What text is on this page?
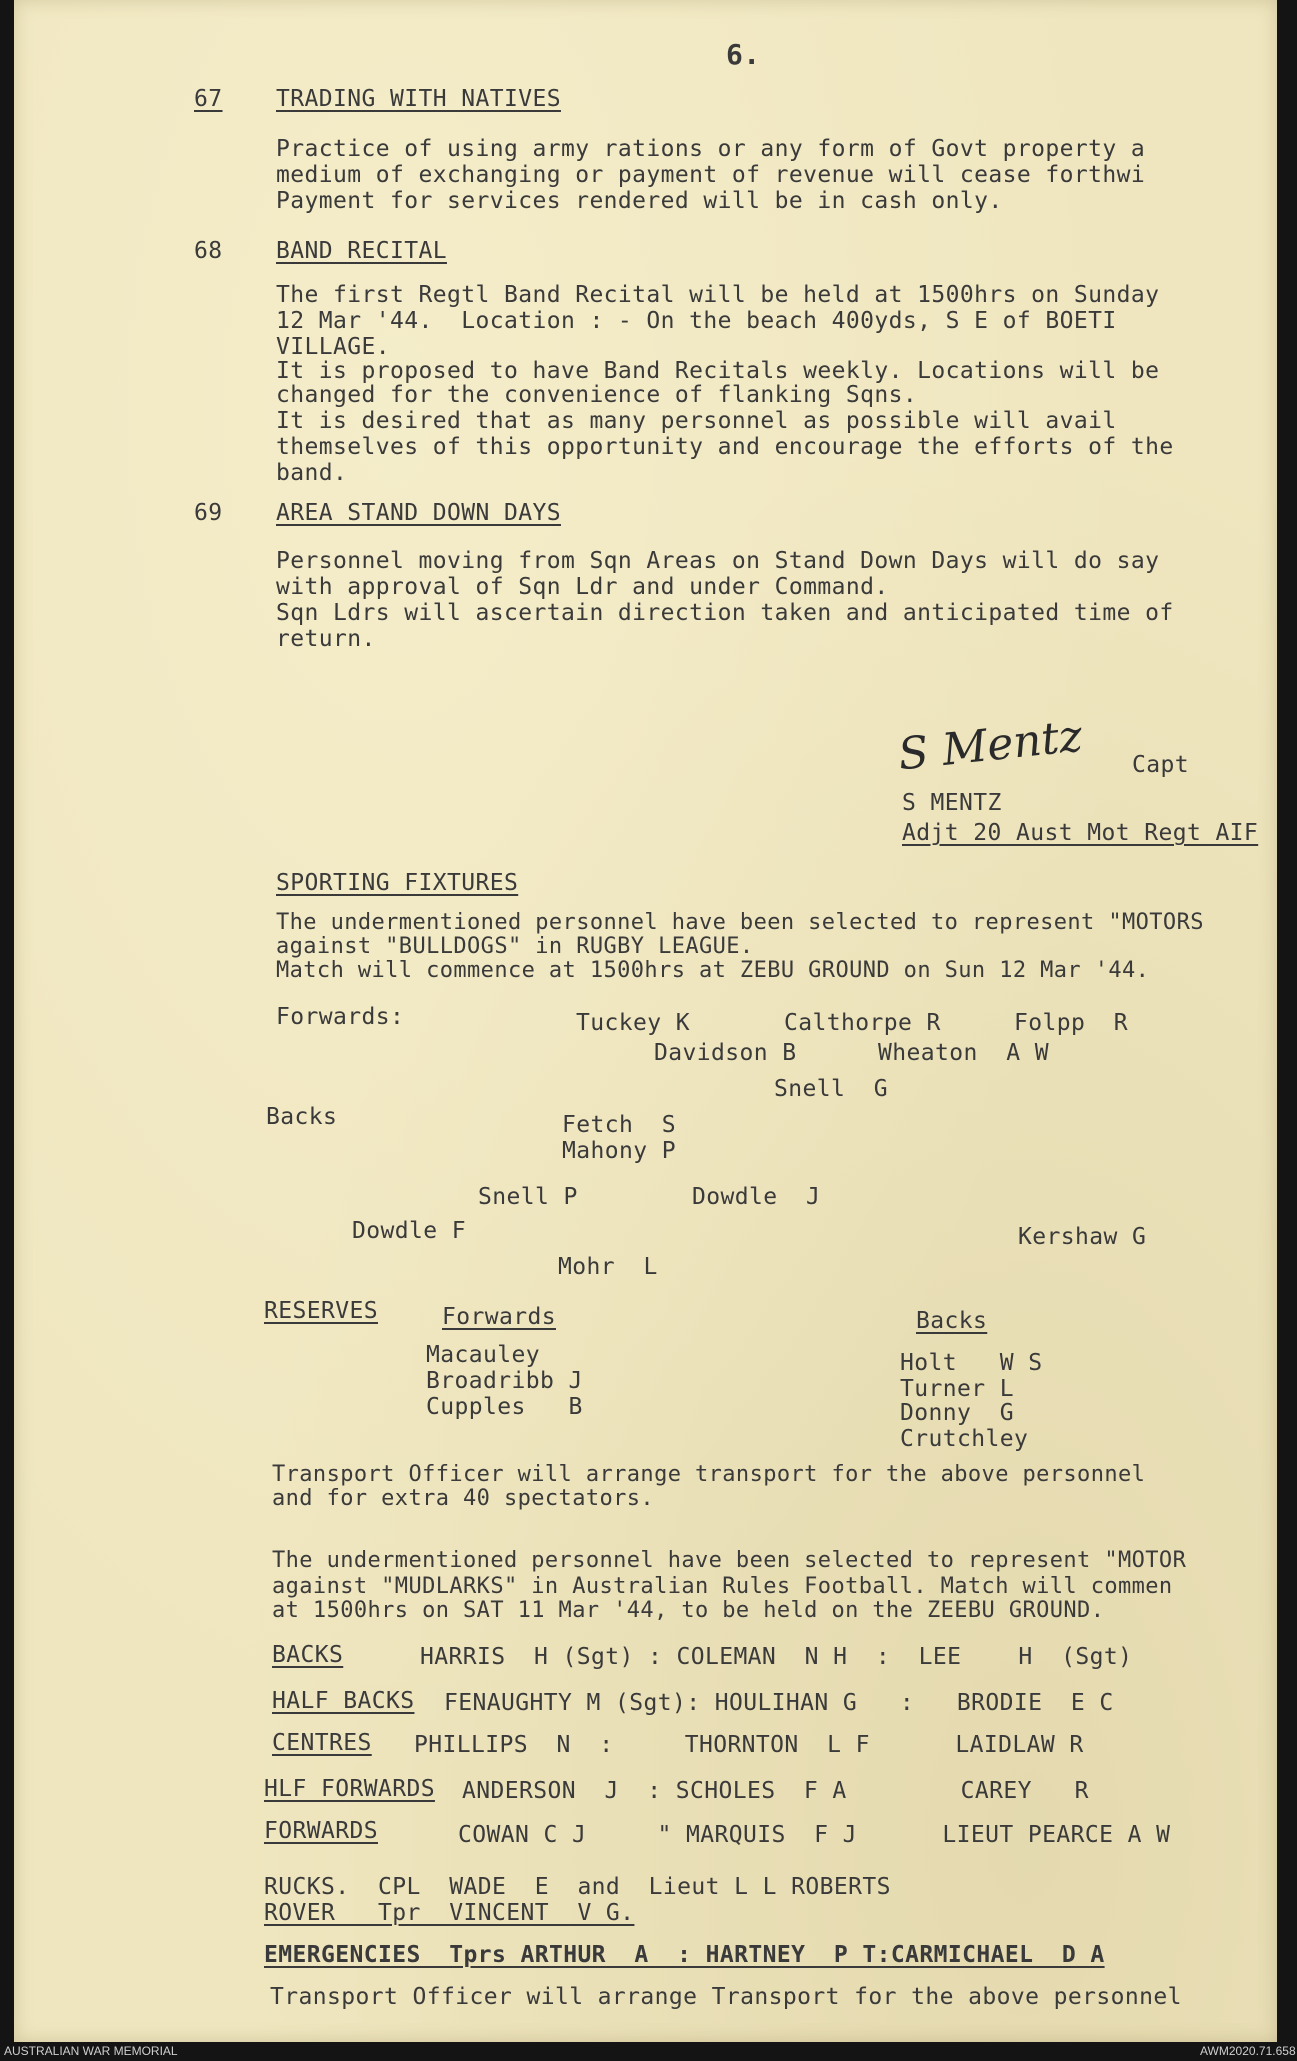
6.
67 TRADING WITH NATIVES
Practice of using army rations or any form of Govt property a
medium of exchanging or payment of revenue will cease forthwi
Payment for services rendered will be in cash only.
68 BAND RECITAL
The first Regtl Band Recital will be held at 1500hrs on Sunday
12 Mar '44.  Location : - On the beach 400yds, S E of BOETI
VILLAGE.
It is proposed to have Band Recitals weekly. Locations will be
changed for the convenience of flanking Sqns.
It is desired that as many personnel as possible will avail
themselves of this opportunity and encourage the efforts of the
band.
69 AREA STAND DOWN DAYS
Personnel moving from Sqn Areas on Stand Down Days will do say
with approval of Sqn Ldr and under Command.
Sqn Ldrs will ascertain direction taken and anticipated time of
return.
S Mentz Capt
S MENTZ
Adjt 20 Aust Mot Regt AIF
SPORTING FIXTURES
The undermentioned personnel have been selected to represent "MOTORS
against "BULLDOGS" in RUGBY LEAGUE.
Match will commence at 1500hrs at ZEBU GROUND on Sun 12 Mar '44.
Forwards:	Tuckey K	Calthorpe R	Folpp  R
Davidson B	Wheaton  A W
Snell  G
Backs	Fetch  S
Mahony P
Snell P	Dowdle  J
Dowdle F	Kershaw G
Mohr  L
RESERVES	Forwards
Macauley
Broadribb J
Cupples   B
Backs
Holt   W S
Turner L
Donny  G
Crutchley
Transport Officer will arrange transport for the above personnel
and for extra 40 spectators.
The undermentioned personnel have been selected to represent "MOTOR
against "MUDLARKS" in Australian Rules Football. Match will commen
at 1500hrs on SAT 11 Mar '44, to be held on the ZEEBU GROUND.
BACKS	HARRIS  H (Sgt) : COLEMAN  N H  :  LEE    H  (Sgt)
HALF BACKS FENAUGHTY M (Sgt): HOULIHAN G   :   BRODIE  E C
CENTRES PHILLIPS  N  :     THORNTON  L F      LAIDLAW R
HLF FORWARDS ANDERSON  J  : SCHOLES  F A        CAREY   R
FORWARDS	COWAN C J     " MARQUIS  F J      LIEUT PEARCE A W
RUCKS.  CPL  WADE  E  and  Lieut L L ROBERTS
ROVER   Tpr  VINCENT  V G.
EMERGENCIES  Tprs ARTHUR  A  : HARTNEY  P T:CARMICHAEL  D A
Transport Officer will arrange Transport for the above personnel
AUSTRALIAN WAR MEMORIAL	AWM2020.71.658
